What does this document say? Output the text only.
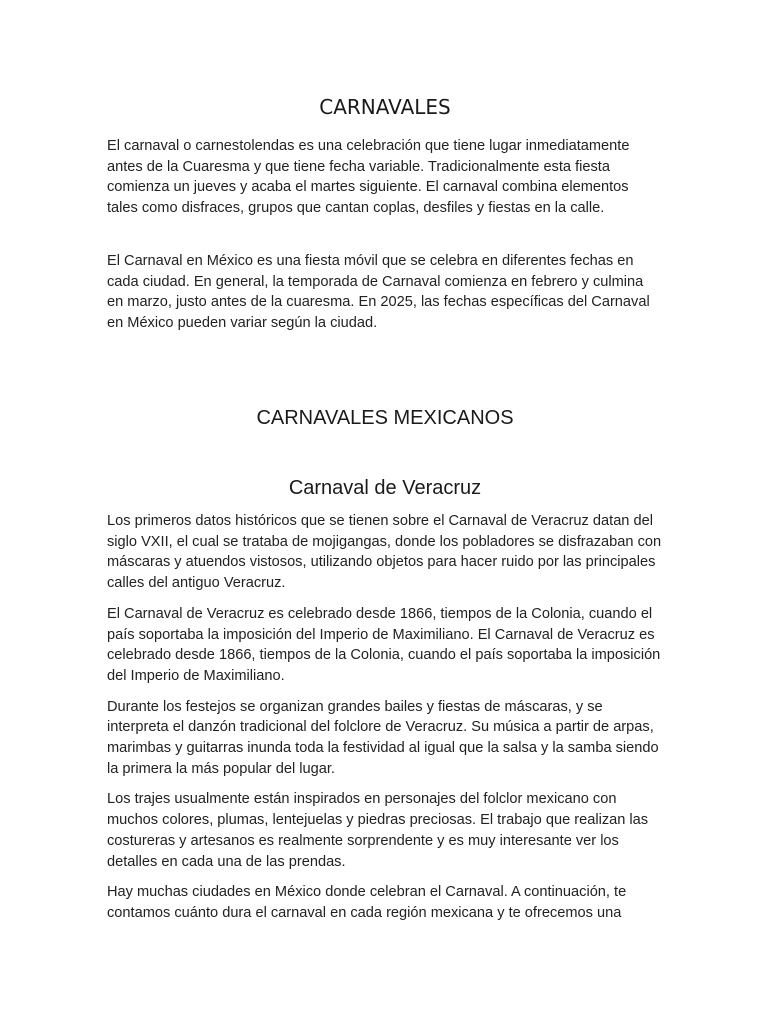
CARNAVALES

El carnaval o carnestolendas es una celebración que tiene lugar inmediatamente antes de la Cuaresma y que tiene fecha variable. Tradicionalmente esta fiesta comienza un jueves y acaba el martes siguiente. El carnaval combina elementos tales como disfraces, grupos que cantan coplas, desfiles y fiestas en la calle.

El Carnaval en México es una fiesta móvil que se celebra en diferentes fechas en cada ciudad. En general, la temporada de Carnaval comienza en febrero y culmina en marzo, justo antes de la cuaresma. En 2025, las fechas específicas del Carnaval en México pueden variar según la ciudad.

CARNAVALES MEXICANOS
Carnaval de Veracruz

Los primeros datos históricos que se tienen sobre el Carnaval de Veracruz datan del siglo VXII, el cual se trataba de mojigangas, donde los pobladores se disfrazaban con máscaras y atuendos vistosos, utilizando objetos para hacer ruido por las principales calles del antiguo Veracruz.

El Carnaval de Veracruz es celebrado desde 1866, tiempos de la Colonia, cuando el país soportaba la imposición del Imperio de Maximiliano. El Carnaval de Veracruz es celebrado desde 1866, tiempos de la Colonia, cuando el país soportaba la imposición del Imperio de Maximiliano.

Durante los festejos se organizan grandes bailes y fiestas de máscaras, y se interpreta el danzón tradicional del folclore de Veracruz. Su música a partir de arpas, marimbas y guitarras inunda toda la festividad al igual que la salsa y la samba siendo la primera la más popular del lugar.

Los trajes usualmente están inspirados en personajes del folclor mexicano con muchos colores, plumas, lentejuelas y piedras preciosas. El trabajo que realizan las costureras y artesanos es realmente sorprendente y es muy interesante ver los detalles en cada una de las prendas.

Hay muchas ciudades en México donde celebran el Carnaval. A continuación, te contamos cuánto dura el carnaval en cada región mexicana y te ofrecemos una
